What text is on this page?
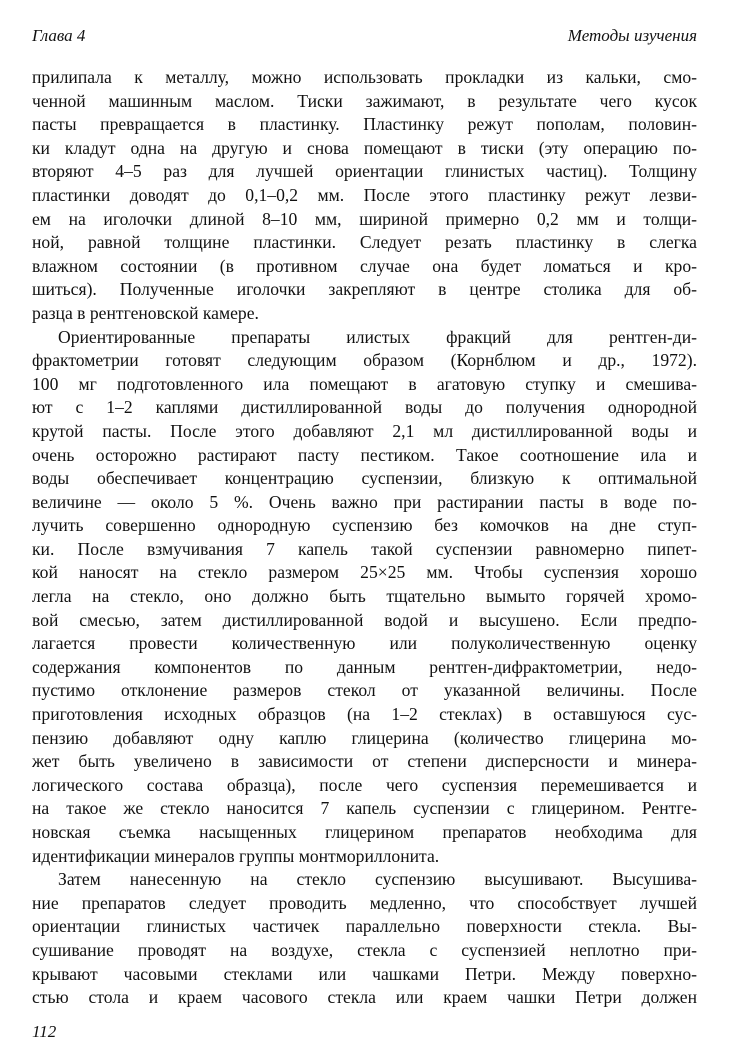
Глава 4	Методы изучения
прилипала к металлу, можно использовать прокладки из кальки, смо-
ченной машинным маслом. Тиски зажимают, в результате чего кусок
пасты превращается в пластинку. Пластинку режут пополам, половин-
ки кладут одна на другую и снова помещают в тиски (эту операцию по-
вторяют 4–5 раз для лучшей ориентации глинистых частиц). Толщину
пластинки доводят до 0,1–0,2 мм. После этого пластинку режут лезви-
ем на иголочки длиной 8–10 мм, шириной примерно 0,2 мм и толщи-
ной, равной толщине пластинки. Следует резать пластинку в слегка
влажном состоянии (в противном случае она будет ломаться и кро-
шиться). Полученные иголочки закрепляют в центре столика для об-
разца в рентгеновской камере.
Ориентированные препараты илистых фракций для рентген-ди-
фрактометрии готовят следующим образом (Корнблюм и др., 1972).
100 мг подготовленного ила помещают в агатовую ступку и смешива-
ют с 1–2 каплями дистиллированной воды до получения однородной
крутой пасты. После этого добавляют 2,1 мл дистиллированной воды и
очень осторожно растирают пасту пестиком. Такое соотношение ила и
воды обеспечивает концентрацию суспензии, близкую к оптимальной
величине — около 5 %. Очень важно при растирании пасты в воде по-
лучить совершенно однородную суспензию без комочков на дне ступ-
ки. После взмучивания 7 капель такой суспензии равномерно пипет-
кой наносят на стекло размером 25×25 мм. Чтобы суспензия хорошо
легла на стекло, оно должно быть тщательно вымыто горячей хромо-
вой смесью, затем дистиллированной водой и высушено. Если предпо-
лагается провести количественную или полуколичественную оценку
содержания компонентов по данным рентген-дифрактометрии, недо-
пустимо отклонение размеров стекол от указанной величины. После
приготовления исходных образцов (на 1–2 стеклах) в оставшуюся сус-
пензию добавляют одну каплю глицерина (количество глицерина мо-
жет быть увеличено в зависимости от степени дисперсности и минера-
логического состава образца), после чего суспензия перемешивается и
на такое же стекло наносится 7 капель суспензии с глицерином. Рентге-
новская съемка насыщенных глицерином препаратов необходима для
идентификации минералов группы монтмориллонита.
Затем нанесенную на стекло суспензию высушивают. Высушива-
ние препаратов следует проводить медленно, что способствует лучшей
ориентации глинистых частичек параллельно поверхности стекла. Вы-
сушивание проводят на воздухе, стекла с суспензией неплотно при-
крывают часовыми стеклами или чашками Петри. Между поверхно-
стью стола и краем часового стекла или краем чашки Петри должен
112
